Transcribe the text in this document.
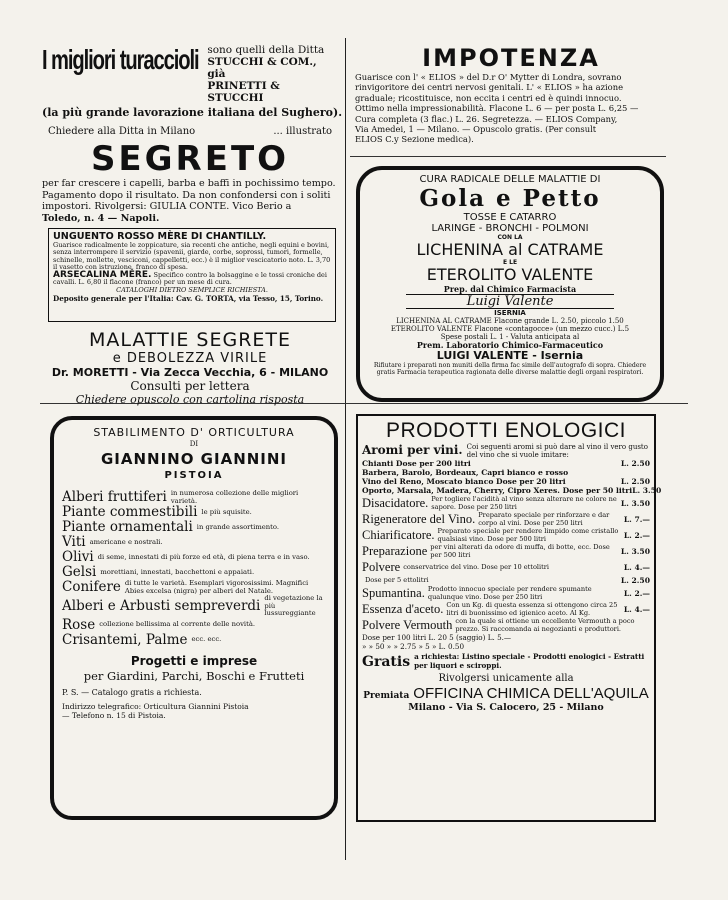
I migliori turaccioli sono quelli della Ditta
STUCCHI & COM., già
PRINETTI & STUCCHI
(la più grande lavorazione italiana del Sughero).
Chiedere alla Ditta in Milano	... illustrato
IMPOTENZA
Guarisce con l' « ELIOS » del D.r O' Mytter di Londra, sovrano
rinvigoritore dei centri nervosi genitali. L' « ELIOS » ha azione
graduale; ricostituisce, non eccita i centri ed è quindi innocuo.
Ottimo nella impressionabilità. Flacone L. 6 — per posta L. 6,25 —
Cura completa (3 flac.) L. 26. Segretezza. — ELIOS Company,
Via Amedei, 1 — Milano. — Opuscolo gratis. (Per consult
ELIOS C.y Sezione medica).
SEGRETO
per far crescere i capelli, barba e baffi in pochissimo tempo.
Pagamento dopo il risultato. Da non confondersi con i soliti
impostori. Rivolgersi: GIULIA CONTE. Vico Berio a
Toledo, n. 4 — Napoli.
UNGUENTO ROSSO MÈRE DI CHANTILLY.
Guarisce radicalmente le zoppicature, sia recenti che antiche, negli equini e bovini, senza interrompere il servizio (spavenii, giarde, corbe, soprossi, tumori, formelle, schinelle, mollette, vesciconi, cappelletti, ecc.) è il miglior vescicatorio noto. L. 3,70 il vasetto con istruzione, franco di spesa.
ARSECALINA MÈRE. Specifico contro la bolsaggine e le tossi croniche dei cavalli. L. 6,80 il flacone (franco) per un mese di cura.
CATALOGHI DIETRO SEMPLICE RICHIESTA.
Deposito generale per l'Italia: Cav. G. TORTA, via Tesso, 15, Torino.
MALATTIE SEGRETE
e DEBOLEZZA VIRILE
Dr. MORETTI - Via Zecca Vecchia, 6 - MILANO
Consulti per lettera
Chiedere opuscolo con cartolina risposta
CURA RADICALE DELLE MALATTIE DI
Gola e Petto
TOSSE E CATARRO
LARINGE - BRONCHI - POLMONI
CON LA
LICHENINA al CATRAME
E LE
ETEROLITO VALENTE
Prep. dal Chimico Farmacista
Luigi Valente
ISERNIA
LICHENINA AL CATRAME Flacone grande L. 2.50, piccolo 1.50
ETEROLITO VALENTE Flacone «contagocce» (un mezzo cucc.) L.5
Spese postali L. 1 - Valuta anticipata al
Prem. Laboratorio Chimico-Farmaceutico
LUIGI VALENTE - Isernia
Rifiutare i preparati non muniti della firma fac simile dell'autografo di sopra. Chiedere gratis Farmacia terapeutica ragionata delle diverse malattie degli organi respiratori.
STABILIMENTO D' ORTICULTURA
DI
GIANNINO GIANNINI
PISTOIA
Alberi fruttiferi in numerosa collezione delle migliori varietà.
Piante commestibili le più squisite.
Piante ornamentali in grande assortimento.
Viti americane e nostrali.
Olivi di seme, innestati di più forze ed età, di piena terra e in vaso.
Gelsi morettiani, innestati, bacchettoni e appaiati.
Conifere di tutte le varietà. Esemplari vigorosissimi. Magnifici Abies excelsa (nigra) per alberi del Natale.
Alberi e Arbusti sempreverdi di vegetazione la più lussureggiante
Rose collezione bellissima al corrente delle novità.
Crisantemi, Palme ecc. ecc.
Progetti e imprese
per Giardini, Parchi, Boschi e Frutteti
P. S. — Catalogo gratis a richiesta.
Indirizzo telegrafico: Orticultura Giannini Pistoia
— Telefono n. 15 di Pistoia.
PRODOTTI ENOLOGICI
Aromi per vini. Coi seguenti aromi si può dare al vino il vero gusto del vino che si vuole imitare:
Chianti Dose per 200 litri	L. 2.50
Barbera, Barolo, Bordeaux, Capri bianco e rosso
Vino del Reno, Moscato bianco Dose per 20 litri	L. 2.50
Oporto, Marsala, Madera, Cherry, Cipro Xeres. Dose per 50 litri L. 3.50
Disacidatore. Per togliere l'acidità al vino senza alterare ne colore ne sapore. Dose per 250 litri	L. 3.50
Rigeneratore del Vino. Preparato speciale per rinforzare e dar corpo al vini. Dose per 250 litri	L. 7.—
Chiarificatore. Preparato speciale per rendere limpido come cristallo qualsiasi vino. Dose per 500 litri	L. 2.—
Preparazione per vini alterati da odore di muffa, di botte, ecc. Dose per 500 litri	L. 3.50
Polvere conservatrice del vino. Dose per 10 ettolitri	L. 4.—
Dose per 5 ettolitri	L. 2.50
Spumantina. Prodotto innocuo speciale per rendere spumante qualunque vino. Dose per 250 litri	L. 2.—
Essenza d'aceto. Con un Kg. di questa essenza si ottengono circa 25 litri di buonissimo ed igienico aceto. Al Kg.	L. 4.—
Polvere Vermouth con la quale si ottiene un eccellente Vermouth a poco prezzo. Si raccomanda ai negozianti e produttori.
Dose per 100 litri L. 20 5 (saggio) L. 5.—
» » 50 » » 2.75 » 5 » L. 0.50
Gratis a richiesta: Listino speciale - Prodotti enologici - Estratti per liquori e sciroppi.
Rivolgersi unicamente alla
Premiata OFFICINA CHIMICA DELL'AQUILA
Milano - Via S. Calocero, 25 - Milano
